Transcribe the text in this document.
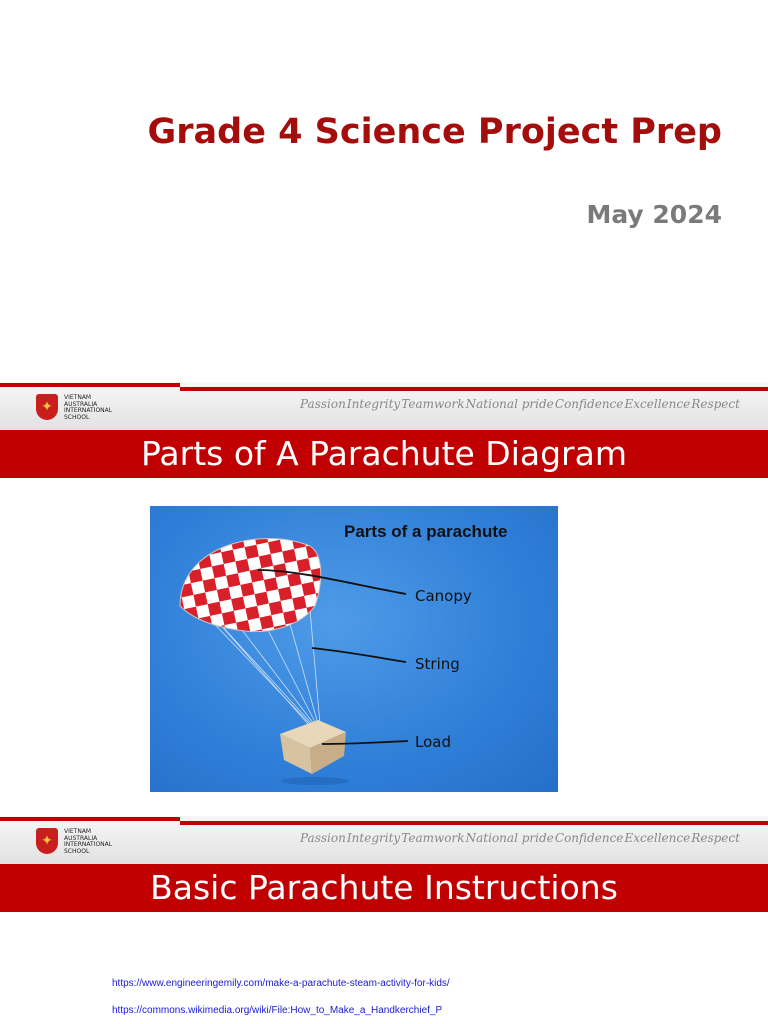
Grade 4 Science Project Prep
May 2024
✦
VIETNAM
AUSTRALIA
INTERNATIONAL
SCHOOL
Passion Integrity Teamwork National pride Confidence Excellence Respect
Parts of A Parachute Diagram
Parts of a parachute
Canopy
String
Load
✦
VIETNAM
AUSTRALIA
INTERNATIONAL
SCHOOL
Passion Integrity Teamwork National pride Confidence Excellence Respect
Basic Parachute Instructions
https://www.engineeringemily.com/make-a-parachute-steam-activity-for-kids/
https://commons.wikimedia.org/wiki/File:How_to_Make_a_Handkerchief_P
